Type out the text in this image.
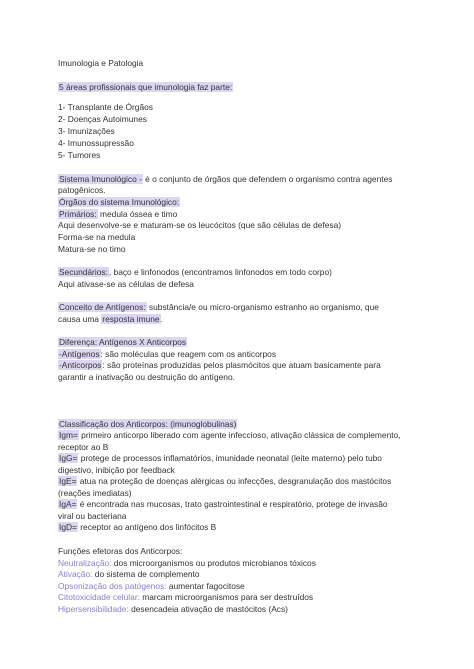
Imunologia e Patologia
5 áreas profissionais que imunologia faz parte:
1- Transplante de Órgãos
2- Doenças Autoimunes
3- Imunizações
4- Imunossupressão
5- Tumores
Sistema Imunológico - é o conjunto de órgãos que defendem o organismo contra agentes
patogênicos.
Órgãos do sistema Imunológico:
Primários: medula óssea e timo
Aqui desenvolve-se e maturam-se os leucócitos (que são células de defesa)
Forma-se na medula
Matura-se no timo
Secundários:, baço e linfonodos (encontramos linfonodos em todo corpo)
Aqui ativase-se as células de defesa
Conceito de Antígenos: substância/e ou micro-organismo estranho ao organismo, que
causa uma resposta imune.
Diferença: Antígenos X Anticorpos
-Antígenos: são moléculas que reagem com os anticorpos
-Anticorpos: são proteínas produzidas pelos plasmócitos que atuam basicamente para
garantir a inativação ou destruição do antígeno.
Classificação dos Anticorpos: (imunoglobulinas)
Igm= primeiro anticorpo liberado com agente infeccioso, ativação clássica de complemento,
receptor ao B
IgG= protege de processos inflamatórios, imunidade neonatal (leite materno) pelo tubo
digestivo, inibição por feedback
IgE= atua na proteção de doenças alérgicas ou infecções, desgranulação dos mastócitos
(reações imediatas)
IgA= é encontrada nas mucosas, trato gastrointestinal e respiratório, protege de invasão
viral ou bacteriana
IgD= receptor ao antígeno dos linfócitos B
Funções efetoras dos Anticorpos:
Neutralização: dos microorganismos ou produtos microbianos tóxicos
Ativação: do sistema de complemento
Opsonização dos patógenos: aumentar fagocitose
Citotoxicidade celular: marcam microorganismos para ser destruídos
Hipersensibilidade: desencadeia ativação de mastócitos (Acs)
